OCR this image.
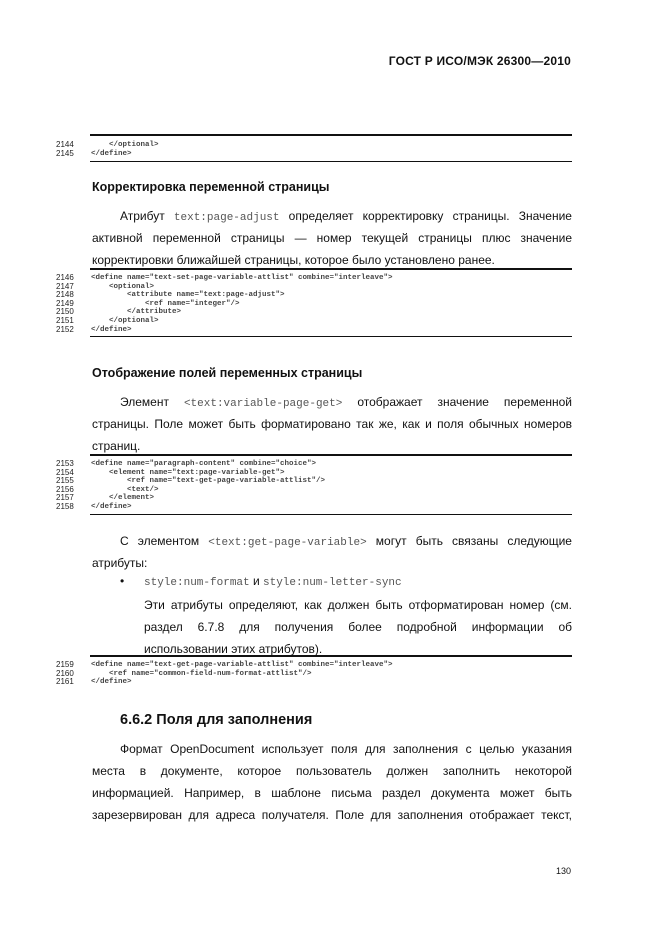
ГОСТ Р ИСО/МЭК 26300—2010
2144	</optional>
2145	</define>
Корректировка переменной страницы
Атрибут text:page-adjust определяет корректировку страницы. Значение
активной переменной страницы — номер текущей страницы плюс значение
корректировки ближайшей страницы, которое было установлено ранее.
2146	<define name="text-set-page-variable-attlist" combine="interleave">
2147	<optional>
2148	<attribute name="text:page-adjust">
2149	<ref name="integer"/>
2150	</attribute>
2151	</optional>
2152	</define>
Отображение полей переменных страницы
Элемент <text:variable-page-get> отображает значение переменной
страницы. Поле может быть форматировано так же, как и поля обычных номеров
страниц.
2153	<define name="paragraph-content" combine="choice">
2154	<element name="text:page-variable-get">
2155	<ref name="text-get-page-variable-attlist"/>
2156	<text/>
2157	</element>
2158	</define>
С элементом <text:get-page-variable> могут быть связаны следующие
атрибуты:
• style:num-format и style:num-letter-sync
Эти атрибуты определяют, как должен быть отформатирован номер (см.
раздел 6.7.8 для получения более подробной информации об
использовании этих атрибутов).
2159	<define name="text-get-page-variable-attlist" combine="interleave">
2160	<ref name="common-field-num-format-attlist"/>
2161	</define>
6.6.2 Поля для заполнения
Формат OpenDocument использует поля для заполнения с целью указания
места в документе, которое пользователь должен заполнить некоторой
информацией. Например, в шаблоне письма раздел документа может быть
зарезервирован для адреса получателя. Поле для заполнения отображает текст,
130
